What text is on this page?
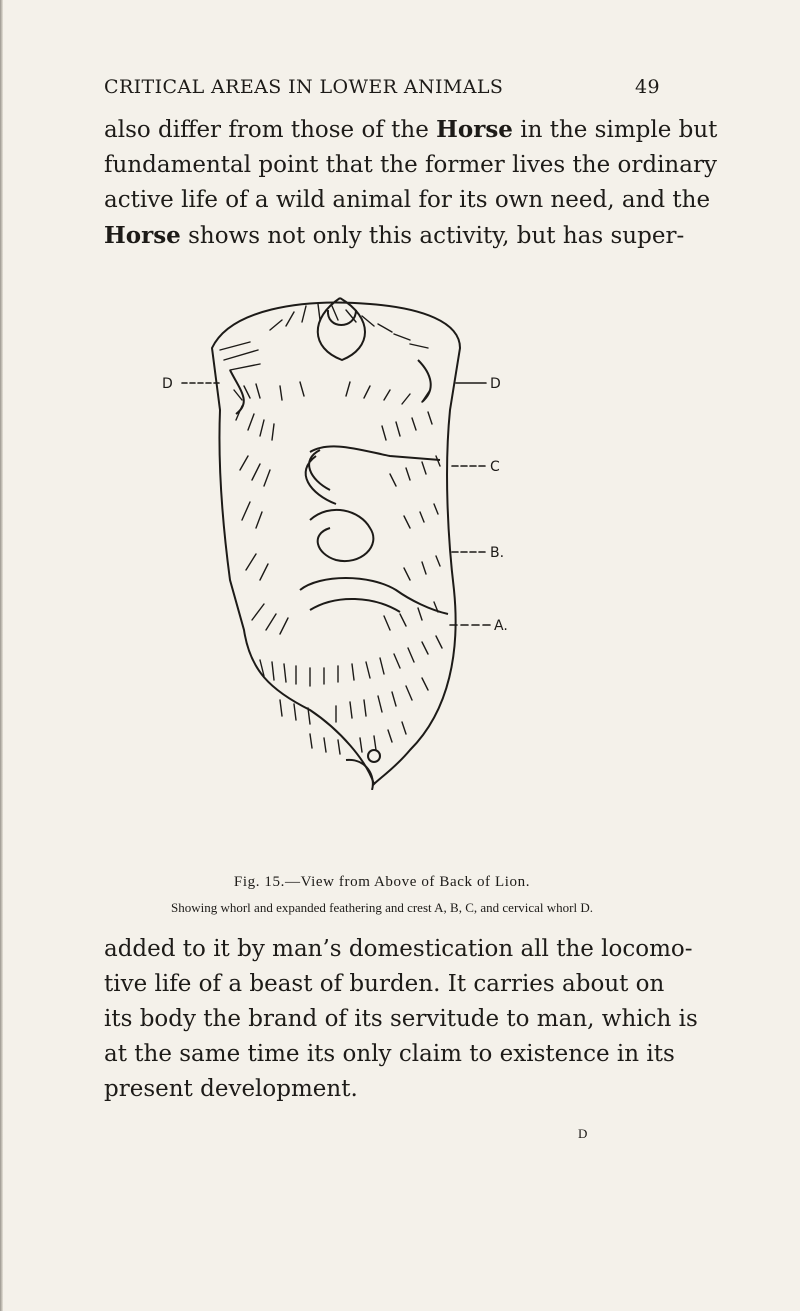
CRITICAL AREAS IN LOWER ANIMALS	49
also differ from those of the Horse in the simple but
fundamental point that the former lives the ordinary
active life of a wild animal for its own need, and the
Horse shows not only this activity, but has super-
D	D
C
B.
A.
Fig. 15.—View from Above of Back of Lion.
Showing whorl and expanded feathering and crest A, B, C, and cervical whorl D.
added to it by man’s domestication all the locomo-
tive life of a beast of burden. It carries about on
its body the brand of its servitude to man, which is
at the same time its only claim to existence in its
present development.
D
